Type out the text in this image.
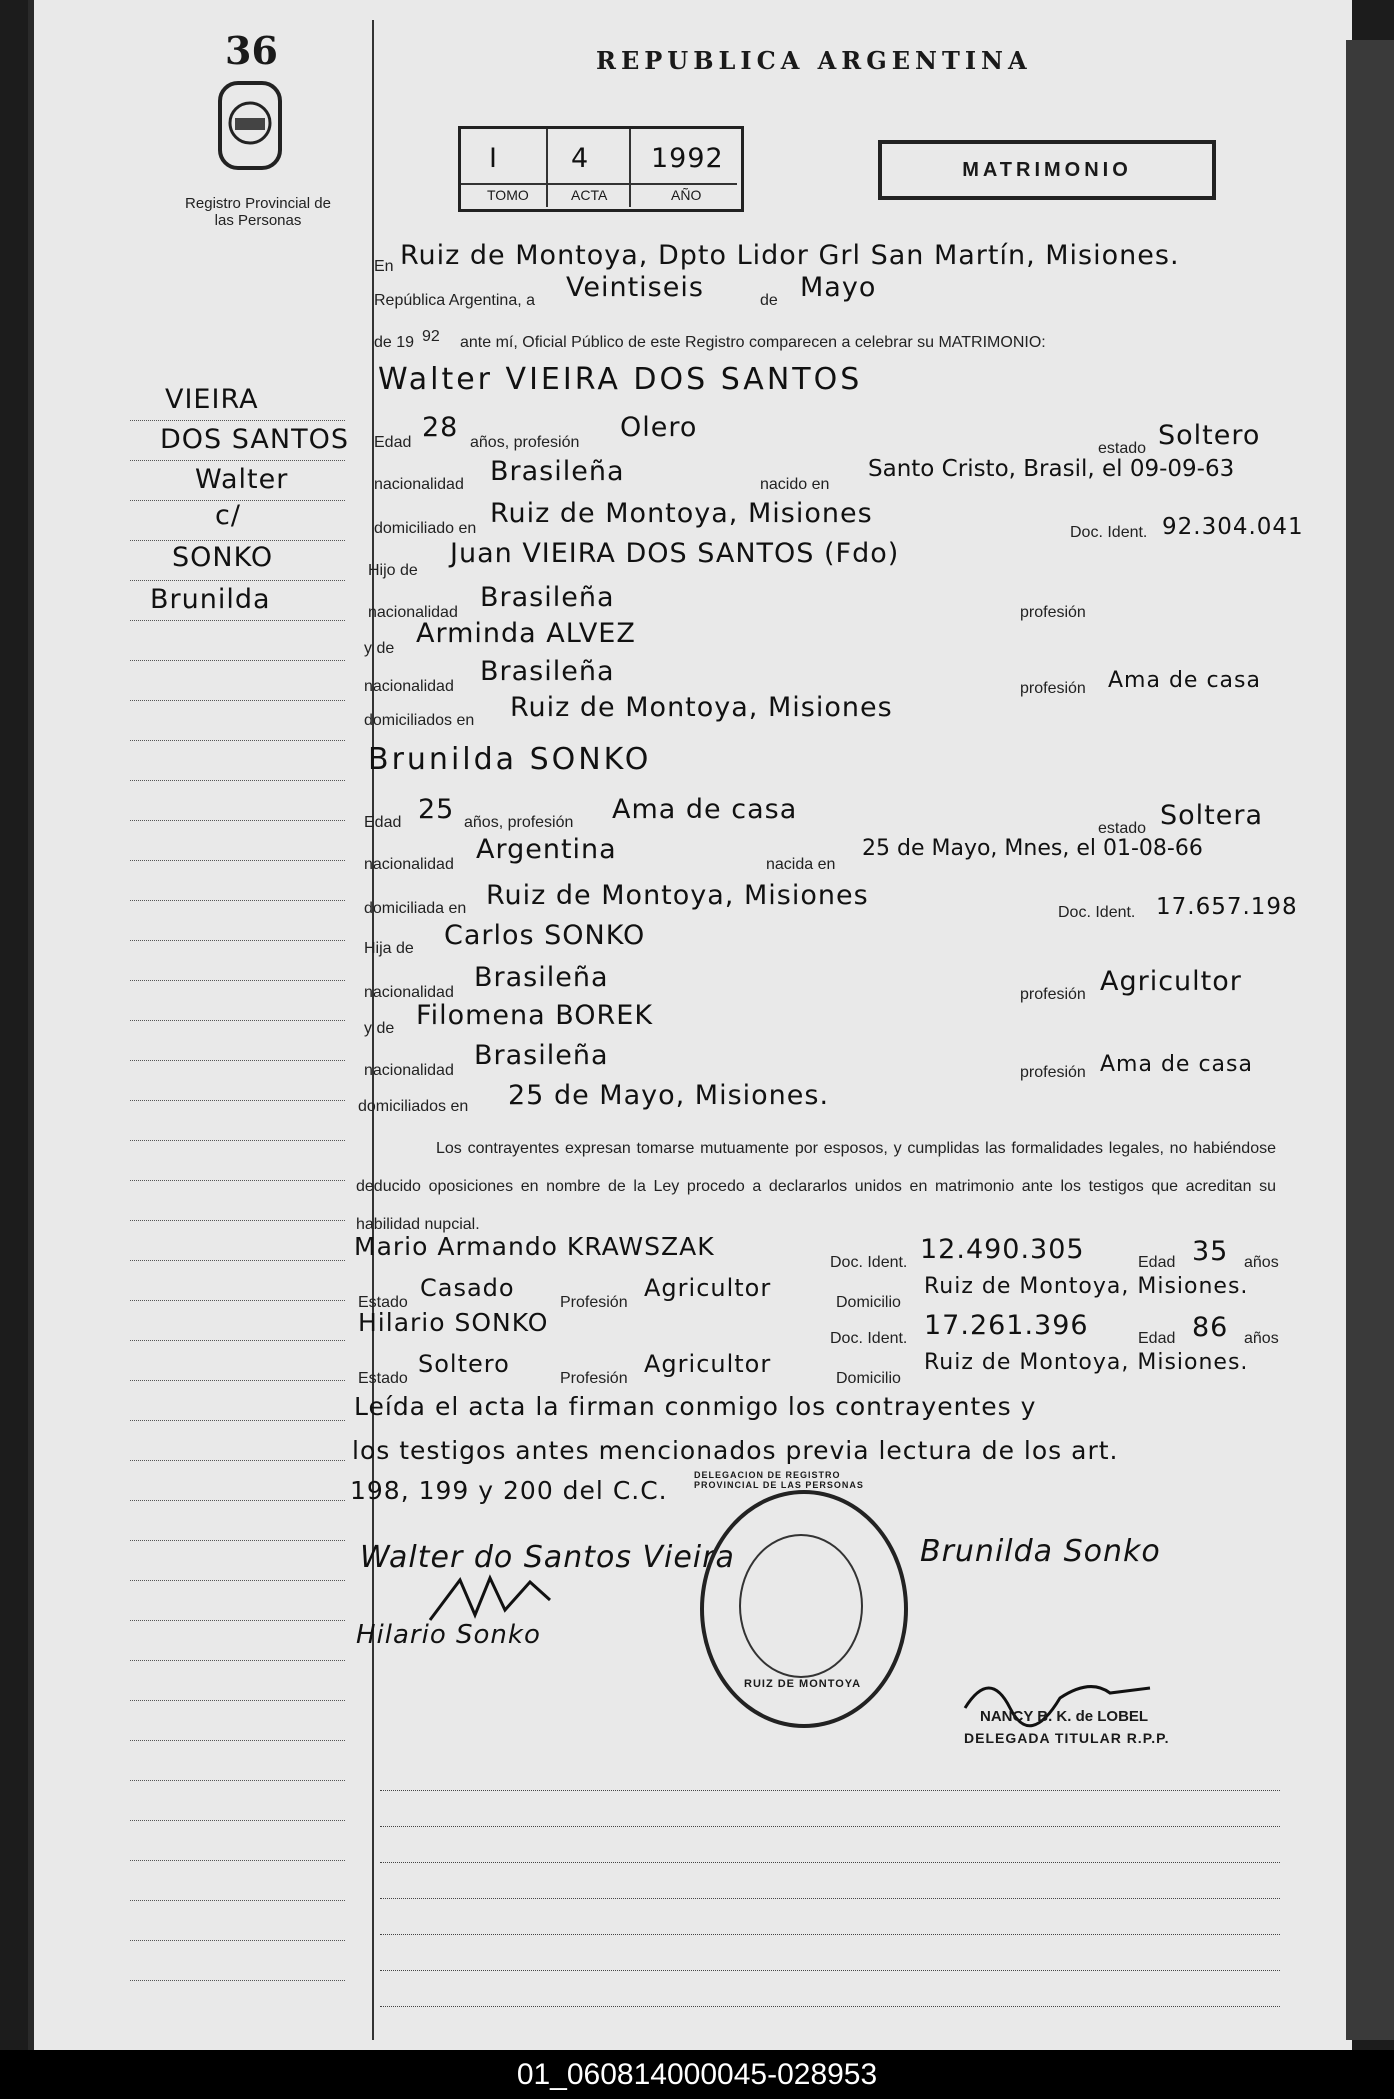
36
Registro Provincial de las Personas
REPUBLICA ARGENTINA
I	4 1992
TOMO	ACTA	AÑO
MATRIMONIO
VIEIRA
DOS SANTOS
Walter
c/
SONKO
Brunilda
En Ruiz de Montoya, Dpto Lidor Grl San Martín, Misiones.
República Argentina, a Veintiseis	de Mayo
de 19 92 ante mí, Oficial Público de este Registro comparecen a celebrar su MATRIMONIO:
Walter VIEIRA DOS SANTOS
Edad 28 años, profesión Olero
estado Soltero
nacionalidad Brasileña	nacido en
Santo Cristo, Brasil, el 09-09-63
domiciliado en Ruiz de Montoya, Misiones
Doc. Ident. 92.304.041
Hijo de
Juan VIEIRA DOS SANTOS (Fdo)
nacionalidad Brasileña	profesión
y de Arminda ALVEZ
nacionalidad Brasileña
profesión Ama de casa
domiciliados en Ruiz de Montoya, Misiones
Brunilda SONKO
Edad 25 años, profesión Ama de casa
estado Soltera
nacionalidad Argentina	nacida en
25 de Mayo, Mnes, el 01-08-66
domiciliada en Ruiz de Montoya, Misiones
Doc. Ident. 17.657.198
Hija de Carlos SONKO
nacionalidad Brasileña
profesión Agricultor
y de Filomena BOREK
nacionalidad Brasileña
profesión Ama de casa
domiciliados en 25 de Mayo, Misiones.
Los contrayentes expresan tomarse mutuamente por esposos, y cumplidas las formalidades legales, no habiéndose deducido oposiciones en nombre de la Ley procedo a declararlos unidos en matrimonio ante los testigos que acreditan su habilidad nupcial.
Mario Armando KRAWSZAK
Doc. Ident. 12.490.305	Edad 35 años
Estado
Casado
Profesión
Agricultor
Domicilio
Ruiz de Montoya, Misiones.
Hilario SONKO
Doc. Ident. 17.261.396	Edad 86 años
Estado
Soltero
Profesión
Agricultor
Domicilio
Ruiz de Montoya, Misiones.
Leída el acta la firman conmigo los contrayentes y
los testigos antes mencionados previa lectura de los art.
198, 199 y 200 del C.C.
Walter do Santos Vieira	Brunilda Sonko
Hilario Sonko
RUIZ DE MONTOYA
DELEGACION DE REGISTRO PROVINCIAL DE LAS PERSONAS
NANCY B. K. de LOBEL
DELEGADA TITULAR R.P.P.
01_060814000045-028953
